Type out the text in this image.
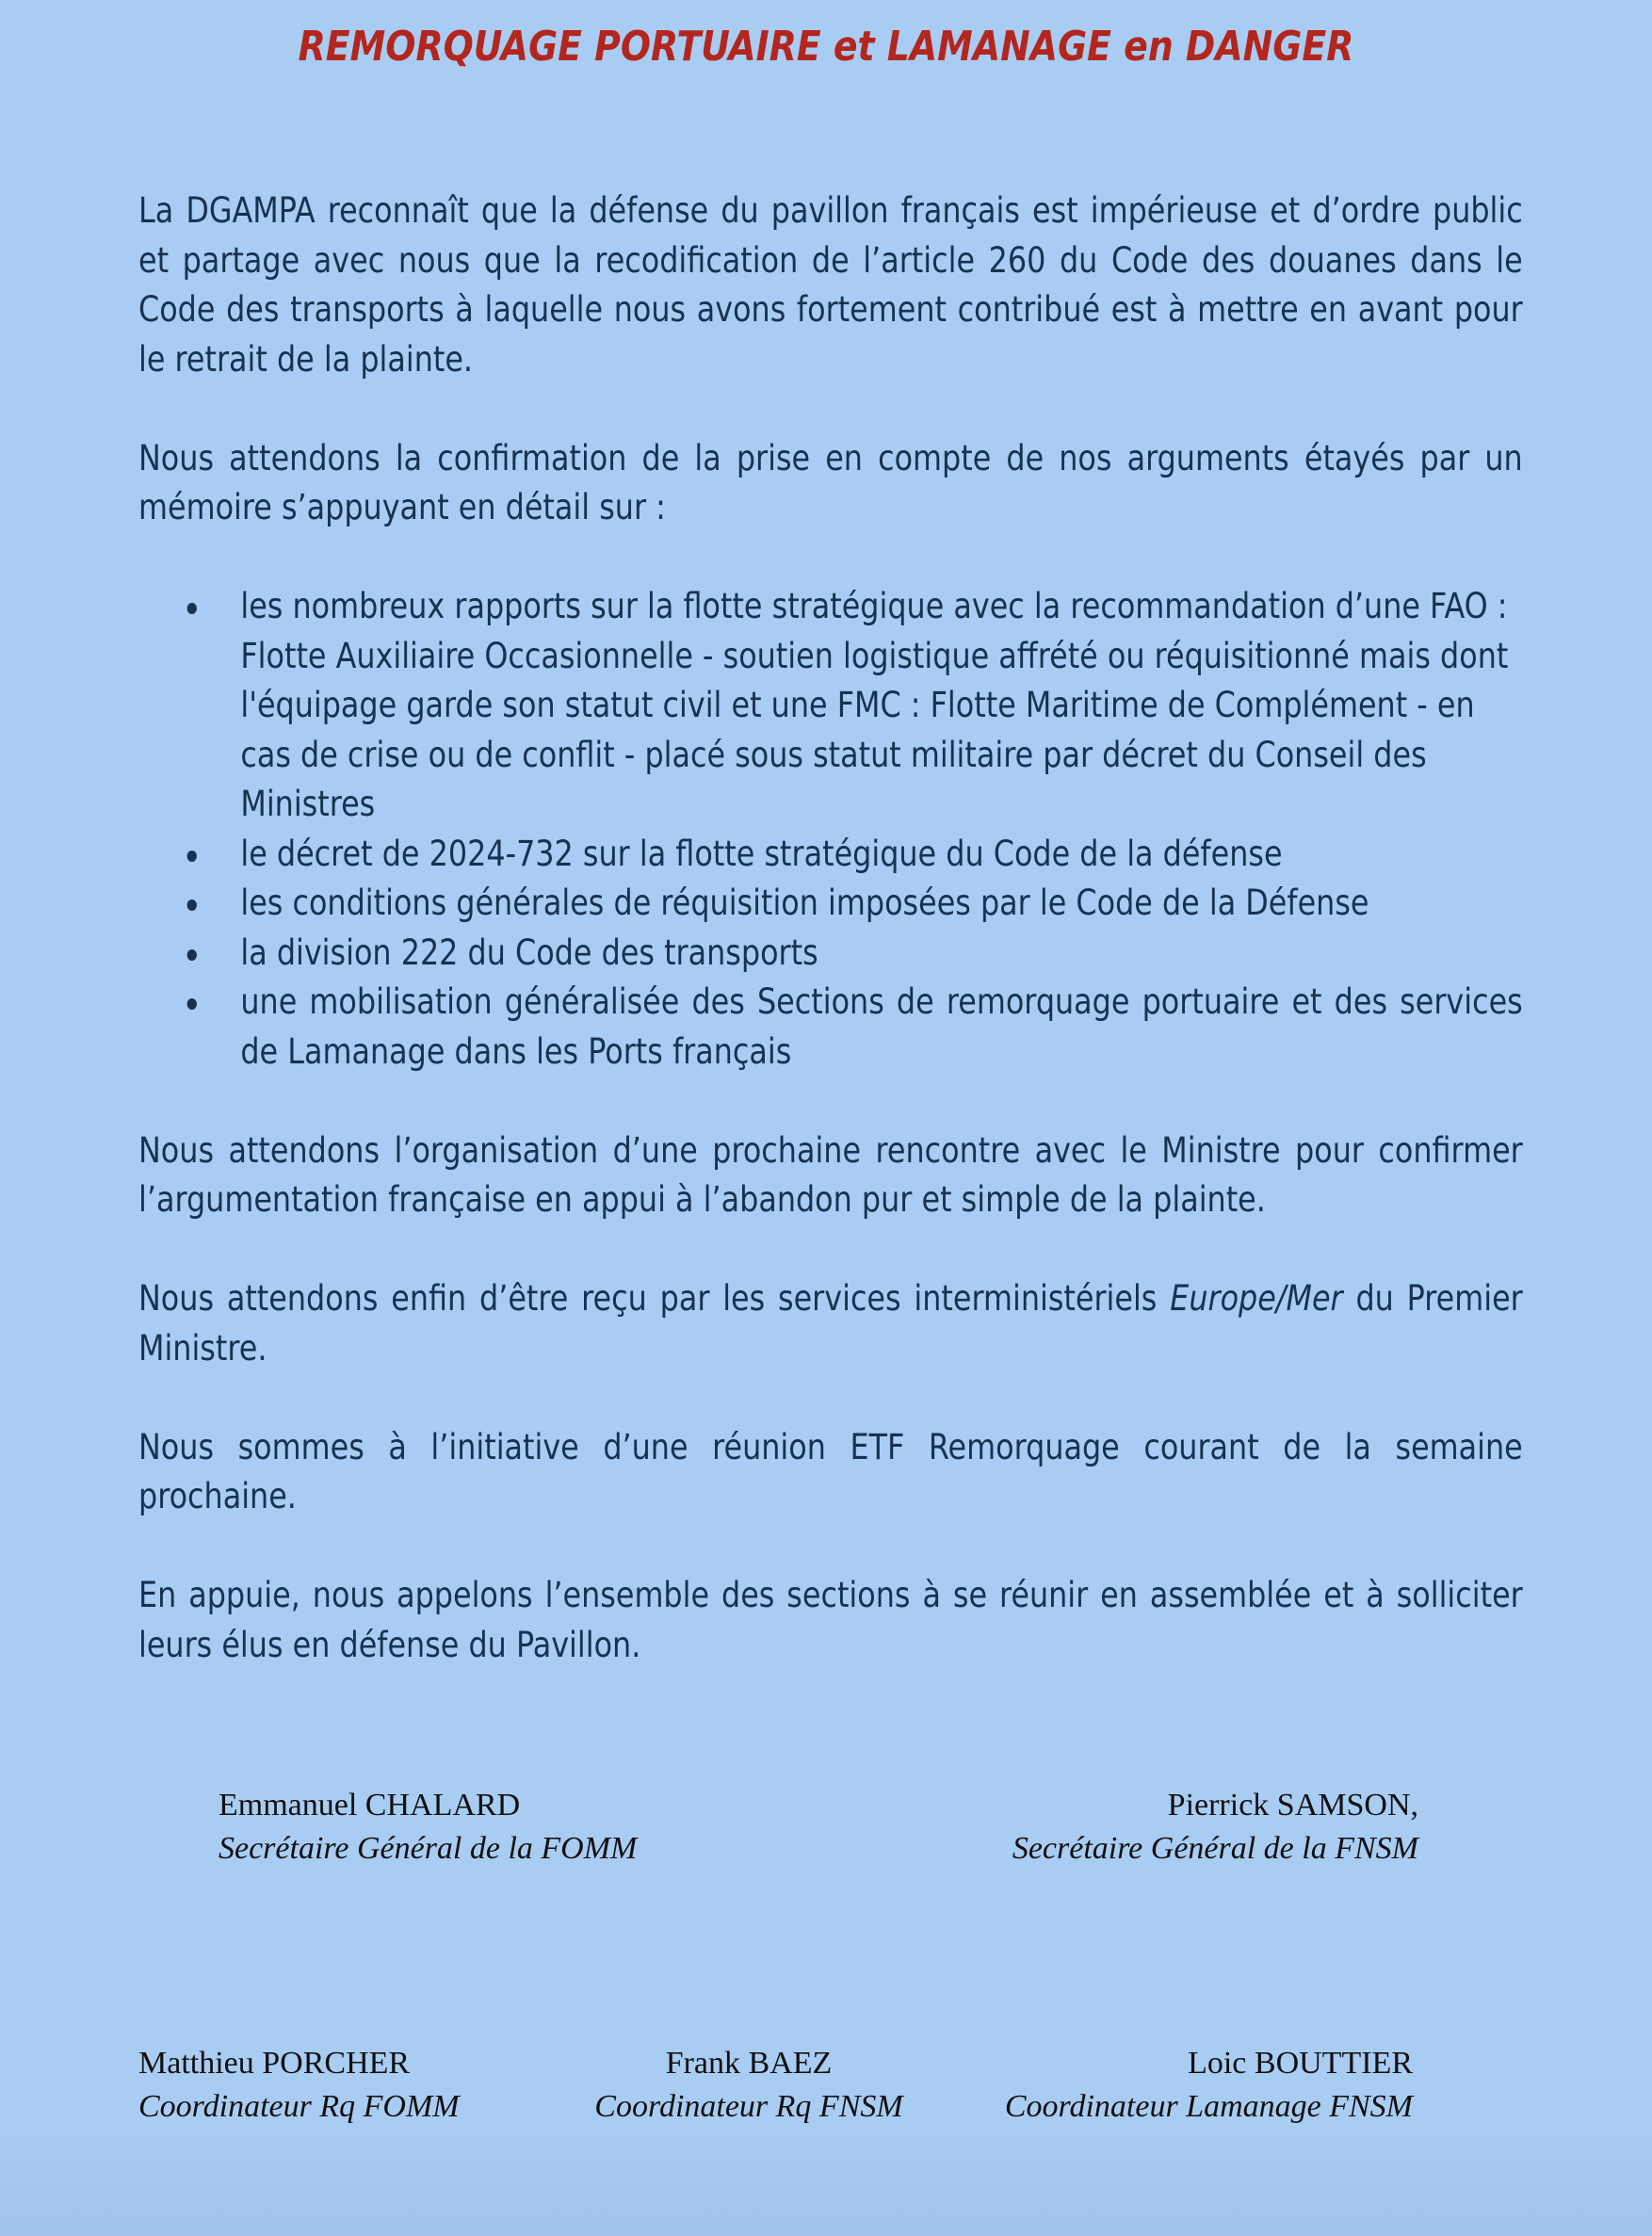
REMORQUAGE PORTUAIRE et LAMANAGE en DANGER

La DGAMPA reconnaît que la défense du pavillon français est impérieuse et d’ordre public et partage avec nous que la recodification de l’article 260 du Code des douanes dans le Code des transports à laquelle nous avons fortement contribué est à mettre en avant pour le retrait de la plainte.

Nous attendons la confirmation de la prise en compte de nos arguments étayés par un mémoire s’appuyant en détail sur :

les nombreux rapports sur la flotte stratégique avec la recommandation d’une FAO : Flotte Auxiliaire Occasionnelle - soutien logistique affrété ou réquisitionné mais dont l'équipage garde son statut civil et une FMC : Flotte Maritime de Complément - en cas de crise ou de conflit - placé sous statut militaire par décret du Conseil des Ministres
le décret de 2024-732 sur la flotte stratégique du Code de la défense
les conditions générales de réquisition imposées par le Code de la Défense
la division 222 du Code des transports
une mobilisation généralisée des Sections de remorquage portuaire et des services de Lamanage dans les Ports français

Nous attendons l’organisation d’une prochaine rencontre avec le Ministre pour confirmer l’argumentation française en appui à l’abandon pur et simple de la plainte.

Nous attendons enfin d’être reçu par les services interministériels Europe/Mer du Premier Ministre.

Nous sommes à l’initiative d’une réunion ETF Remorquage courant de la semaine prochaine.

En appuie, nous appelons l’ensemble des sections à se réunir en assemblée et à solliciter leurs élus en défense du Pavillon.

Emmanuel CHALARD
Secrétaire Général de la FOMM
Pierrick SAMSON,
Secrétaire Général de la FNSM
Matthieu PORCHER
Coordinateur Rq FOMM
Frank BAEZ
Coordinateur Rq FNSM
Loic BOUTTIER
Coordinateur Lamanage FNSM
